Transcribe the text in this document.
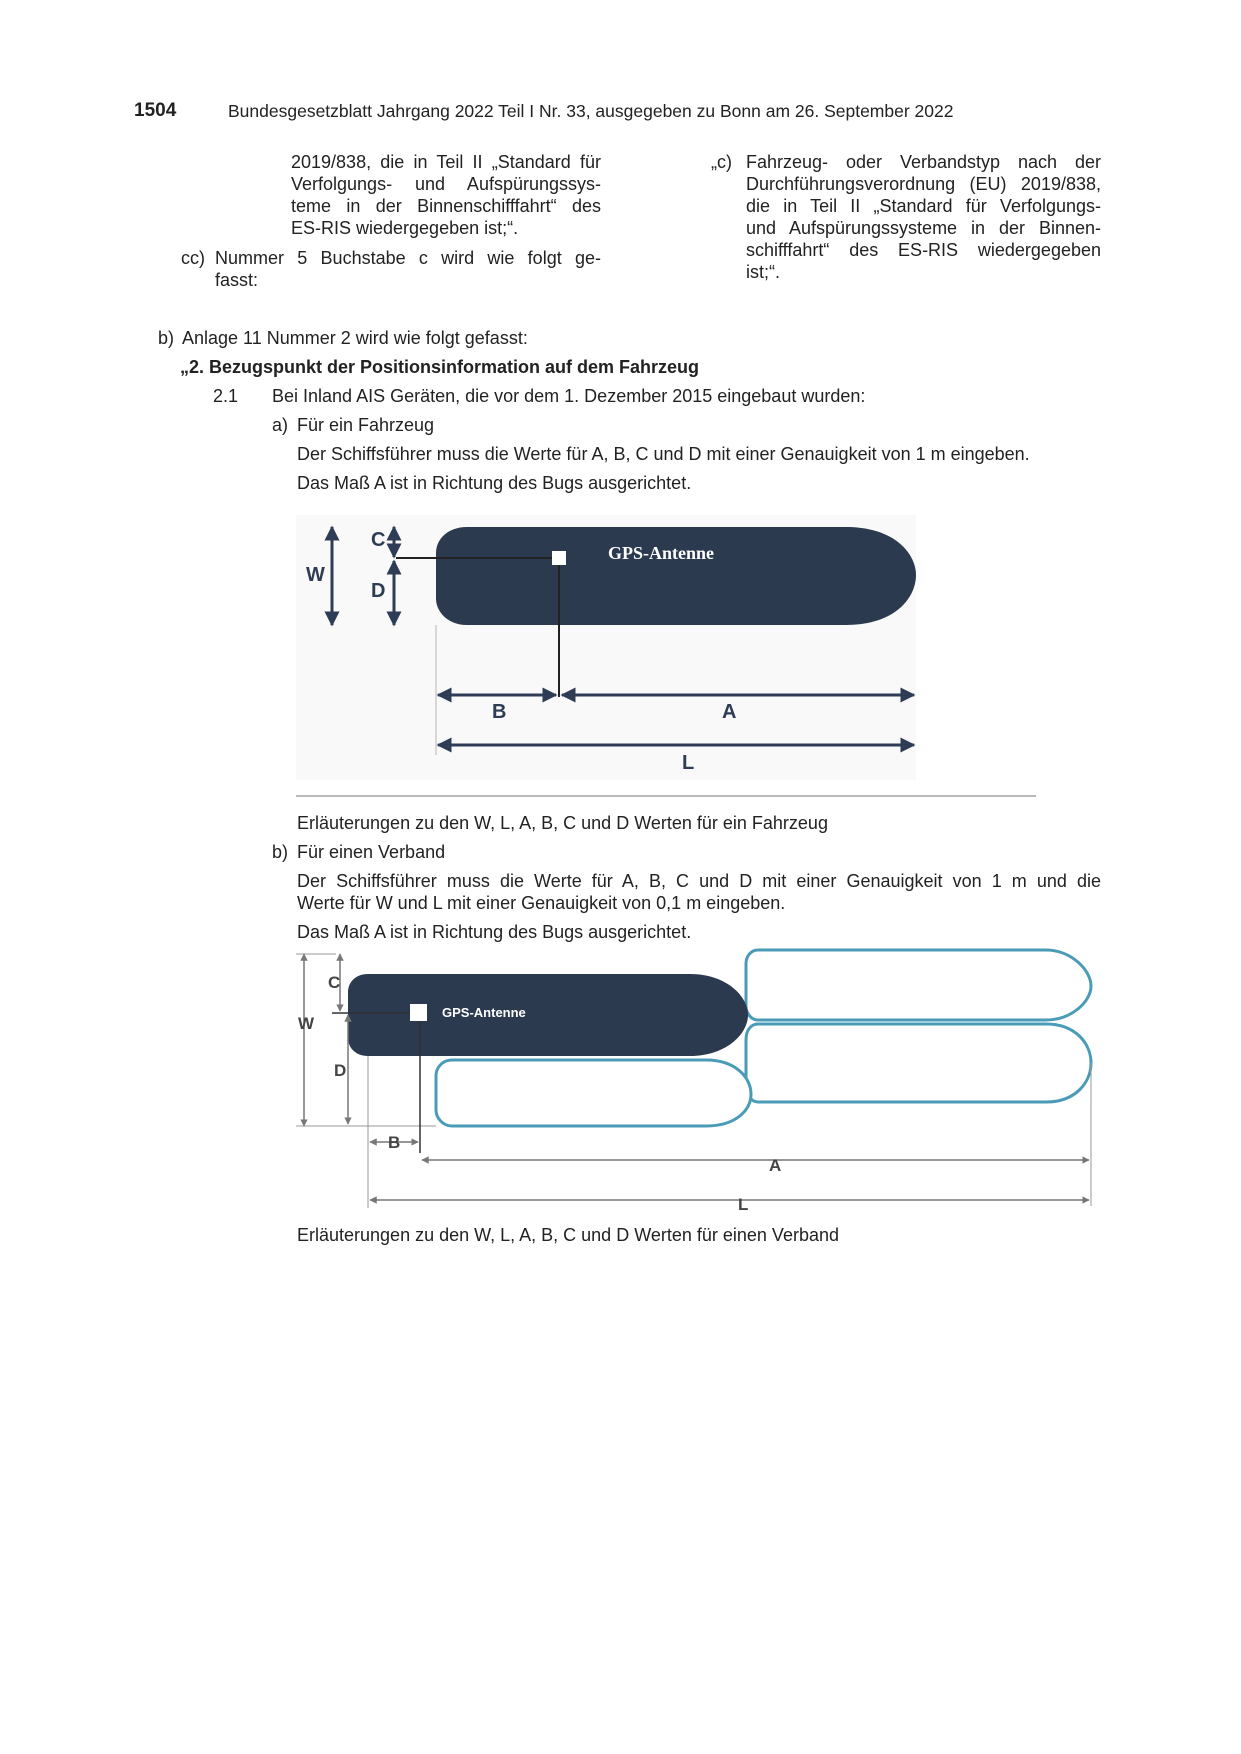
1504	Bundesgesetzblatt Jahrgang 2022 Teil I Nr. 33, ausgegeben zu Bonn am 26. September 2022
2019/838, die in Teil II „Standard für
Verfolgungs- und Aufspürungssys-
teme in der Binnenschifffahrt“ des
ES-RIS wiedergegeben ist;“.
cc) Nummer 5 Buchstabe c wird wie folgt ge-
fasst:
„c) Fahrzeug- oder Verbandstyp nach der
Durchführungsverordnung (EU) 2019/838,
die in Teil II „Standard für Verfolgungs-
und Aufspürungssysteme in der Binnen-
schifffahrt“ des ES-RIS wiedergegeben
ist;“.
b) Anlage 11 Nummer 2 wird wie folgt gefasst:
„2. Bezugspunkt der Positionsinformation auf dem Fahrzeug
2.1 Bei Inland AIS Geräten, die vor dem 1. Dezember 2015 eingebaut wurden:
a) Für ein Fahrzeug
Der Schiffsführer muss die Werte für A, B, C und D mit einer Genauigkeit von 1 m eingeben.
Das Maß A ist in Richtung des Bugs ausgerichtet.
GPS-Antenne
W
C
D
B	A
L
Erläuterungen zu den W, L, A, B, C und D Werten für ein Fahrzeug
b) Für einen Verband
Der Schiffsführer muss die Werte für A, B, C und D mit einer Genauigkeit von 1 m und die
Werte für W und L mit einer Genauigkeit von 0,1 m eingeben.
Das Maß A ist in Richtung des Bugs ausgerichtet.
GPS-Antenne
W
C
D
B
A
L
Erläuterungen zu den W, L, A, B, C und D Werten für einen Verband
